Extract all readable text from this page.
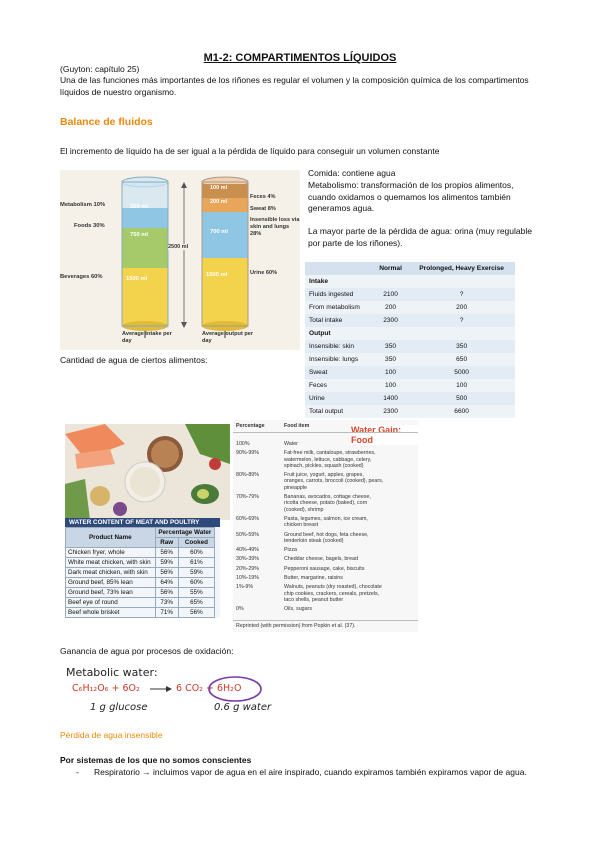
M1-2: COMPARTIMENTOS LÍQUIDOS
(Guyton: capítulo 25)
Una de las funciones más importantes de los riñones es regular el volumen y la composición química de los compartimentos líquidos de nuestro organismo.
Balance de fluidos
El incremento de líquido ha de ser igual a la pérdida de líquido para conseguir un volumen constante
Metabolism 10%
Foods 30%
Beverages 60%
250 ml
750 ml
1500 ml
2500 ml
100 ml
200 ml
700 ml
1500 ml
Feces 4%
Sweat 8%
Insensible loss via skin and lungs 28%
Urine 60%
Average intake per day
Average output per day
Comida: contiene agua
Metabolismo: transformación de los propios alimentos, cuando oxidamos o quemamos los alimentos también generamos agua.
La mayor parte de la pérdida de agua: orina (muy regulable por parte de los riñones).
	Normal	Prolonged, Heavy Exercise
Intake		
Fluids ingested	2100	?
From metabolism	200	200
Total intake	2300	?
Output		
Insensible: skin	350	350
Insensible: lungs	350	650
Sweat	100	5000
Feces	100	100
Urine	1400	500
Total output	2300	6600
Cantidad de agua de ciertos alimentos:
WATER CONTENT OF MEAT AND POULTRY
Product Name	Percentage Water	
	Raw	Cooked
Chicken fryer, whole	56%	60%
White meat chicken, with skin	59%	61%
Dark meat chicken, with skin	56%	59%
Ground beef, 85% lean	64%	60%
Ground beef, 73% lean	56%	55%
Beef eye of round	73%	65%
Beef whole brisket	71%	56%
Percentage	Food item	Water Gain: Food
100%	Water
90%-99%	Fat-free milk, cantaloupe, strawberries, watermelon, lettuce, cabbage, celery, spinach, pickles, squash (cooked)
80%-89%	Fruit juice, yogurt, apples, grapes, oranges, carrots, broccoli (cooked), pears, pineapple
70%-79%	Bananas, avocados, cottage cheese, ricotta cheese, potato (baked), corn (cooked), shrimp
60%-69%	Pasta, legumes, salmon, ice cream, chicken breast
50%-59%	Ground beef, hot dogs, feta cheese, tenderloin steak (cooked)
40%-49%	Pizza
30%-39%	Cheddar cheese, bagels, bread
20%-29%	Pepperoni sausage, cake, biscuits
10%-19%	Butter, margarine, raisins
1%-9%	Walnuts, peanuts (dry roasted), chocolate chip cookies, crackers, cereals, pretzels, taco shells, peanut butter
0%	Oils, sugars
Reprinted (with permission) from Popkin et al. (37).
Ganancia de agua por procesos de oxidación:
Metabolic water:
C₆H₁₂O₆ + 6O₂ → 6 CO₂ + 6H₂O
1 g glucose	0.6 g water
Pérdida de agua insensible
Por sistemas de los que no somos conscientes
- Respiratorio → incluimos vapor de agua en el aire inspirado, cuando expiramos también expiramos vapor de agua.
